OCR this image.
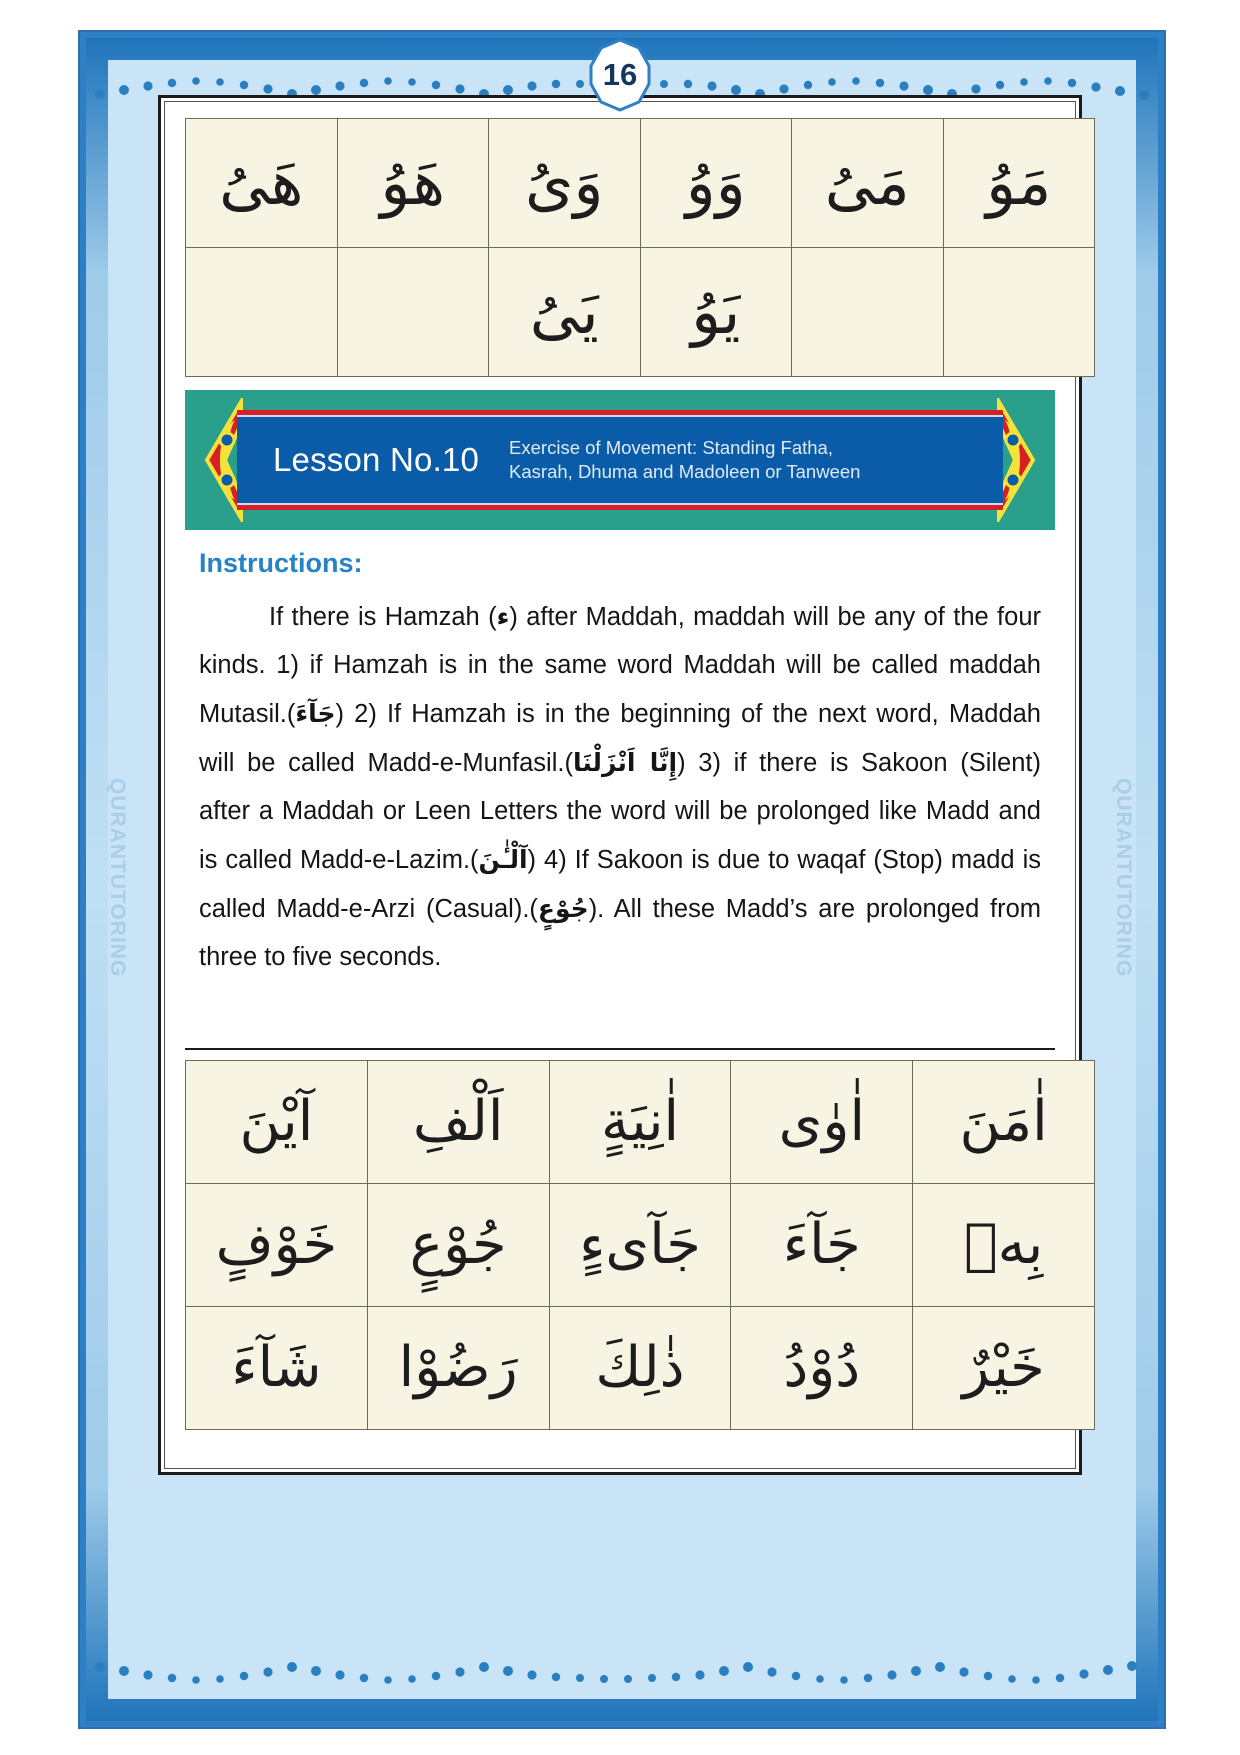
QURANTUTORING	QURANTUTORING
16
هَىُ	هَوُ	وَىُ	وَوُ	مَىُ	مَوُ
		يَىُ	يَوُ		
Lesson No.10 Exercise of Movement: Standing Fatha,
Kasrah, Dhuma and Madoleen or Tanween
Instructions:
If there is Hamzah (ء) after Maddah, maddah will be any of the four kinds. 1) if Hamzah is in the same word Maddah will be called maddah Mutasil.(جَآءَ) 2) If Hamzah is in the beginning of the next word, Maddah will be called Madd-e-Munfasil.(إِنَّا اَنْزَلْنَا) 3) if there is Sakoon (Silent) after a Maddah or Leen Letters the word will be prolonged like Madd and is called Madd-e-Lazim.(آلْـٰٔنَ) 4) If Sakoon is due to waqaf (Stop) madd is called Madd-e-Arzi (Casual).(جُوْعٍ). All these Madd’s are prolonged from three to five seconds.
آيْنَ	اَلْفِ	اٰنِيَةٍ	اٰوٰى	اٰمَنَ
خَوْفٍ	جُوْعٍ	جَآىءٍ	جَآءَ	بِهٖ
شَآءَ	رَضُوْا	ذٰلِكَ	دُوْدُ	خَيْرٌ
